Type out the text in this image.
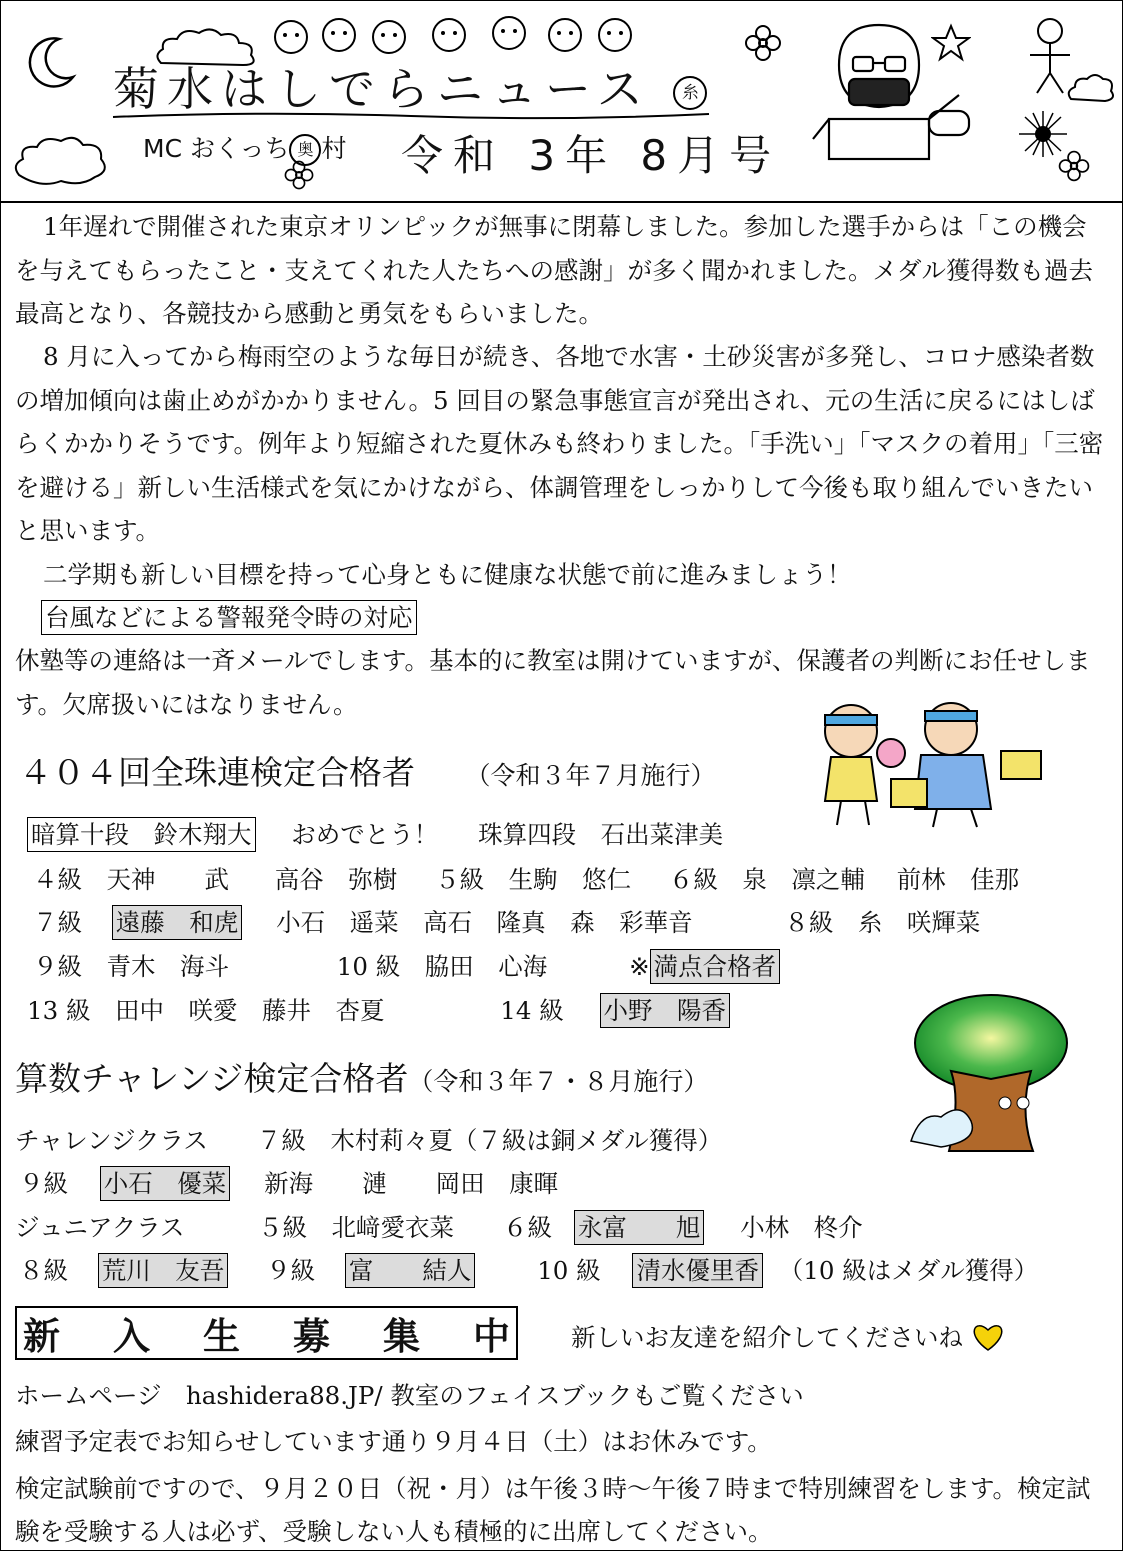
菊水はしでらニュース 糸
MC おくっち 奥 村 令和 3年 8月号
1年遅れで開催された東京オリンピックが無事に閉幕しました。参加した選手からは「この機会を与えてもらったこと・支えてくれた人たちへの感謝」が多く聞かれました。メダル獲得数も過去最高となり、各競技から感動と勇気をもらいました。
8 月に入ってから梅雨空のような毎日が続き、各地で水害・土砂災害が多発し、コロナ感染者数の増加傾向は歯止めがかかりません。5 回目の緊急事態宣言が発出され、元の生活に戻るにはしばらくかかりそうです。例年より短縮された夏休みも終わりました。「手洗い」「マスクの着用」「三密を避ける」新しい生活様式を気にかけながら、体調管理をしっかりして今後も取り組んでいきたいと思います。
二学期も新しい目標を持って心身ともに健康な状態で前に進みましょう！
台風などによる警報発令時の対応
休塾等の連絡は一斉メールでします。基本的に教室は開けていますが、保護者の判断にお任せします。欠席扱いにはなりません。
４０４回全珠連検定合格者 （令和３年７月施行）
暗算十段　鈴木翔大 おめでとう！ 珠算四段　石出菜津美
４級　天神　　武 高谷　弥樹 ５級　生駒　悠仁 ６級　泉　凛之輔 前林　佳那
７級 遠藤　和虎 小石　遥菜　高石　隆真　森　彩華音	８級　糸　咲輝菜
９級　青木　海斗	10 級　脇田　心海	※ 満点合格者
13 級　田中　咲愛　藤井　杏夏	14 級 小野　陽香
算数チャレンジ検定合格者（令和３年７・８月施行）
チャレンジクラス　　７級　木村莉々夏（７級は銅メダル獲得）
９級 小石　優菜 新海　　漣　　岡田　康暉
ジュニアクラス　　　５級　北﨑愛衣菜　　６級 永富　　旭 小林　柊介
８級 荒川　友吾 ９級 富　　結人	10 級 清水優里香 （10 級はメダル獲得）
新 入 生 募 集 中 新しいお友達を紹介してくださいね
ホームページ　hashidera88.JP/ 教室のフェイスブックもご覧ください
練習予定表でお知らせしています通り９月４日（土）はお休みです。
検定試験前ですので、９月２０日（祝・月）は午後３時～午後７時まで特別練習をします。検定試験を受験する人は必ず、受験しない人も積極的に出席してください。
